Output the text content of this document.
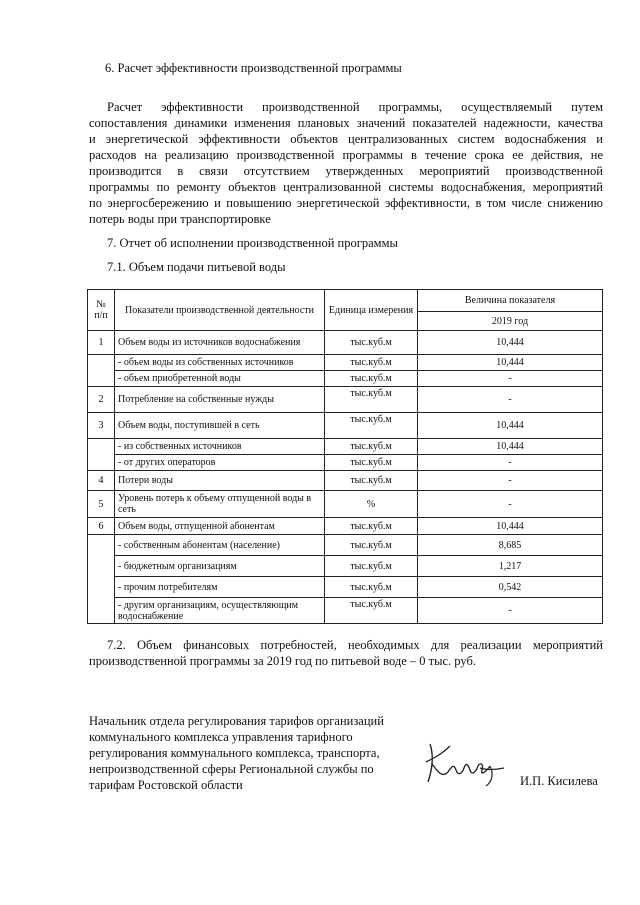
6. Расчет эффективности производственной программы
Расчет эффективности производственной программы, осуществляемый путем
сопоставления динамики изменения плановых значений показателей надежности, качества
и энергетической эффективности объектов централизованных систем водоснабжения и
расходов на реализацию производственной программы в течение срока ее действия, не
производится в связи отсутствием утвержденных мероприятий производственной
программы по ремонту объектов централизованной системы водоснабжения, мероприятий
по энергосбережению и повышению энергетической эффективности, в том числе снижению
потерь воды при транспортировке
7. Отчет об исполнении производственной программы
7.1. Объем подачи питьевой воды
№ п/п	Показатели производственной деятельности	Единица измерения	Величина показателя
			2019 год
1	Объем воды из источников водоснабжения	тыс.куб.м	10,444
	- объем воды из собственных источников	тыс.куб.м	10,444
	- объем приобретенной воды	тыс.куб.м	-
2	Потребление на собственные нужды	тыс.куб.м	-
3	Объем воды, поступившей в сеть	тыс.куб.м	10,444
	- из собственных источников	тыс.куб.м	10,444
	- от других операторов	тыс.куб.м	-
4	Потери воды	тыс.куб.м	-
5	Уровень потерь к объему отпущенной воды в сеть	%	-
6	Объем воды, отпущенной абонентам	тыс.куб.м	10,444
	- собственным абонентам (население)	тыс.куб.м	8,685
	- бюджетным организациям	тыс.куб.м	1,217
	- прочим потребителям	тыс.куб.м	0,542
	- другим организациям, осуществляющим водоснабжение	тыс.куб.м	-
7.2. Объем финансовых потребностей, необходимых для реализации мероприятий
производственной программы за 2019 год по питьевой воде – 0 тыс. руб.
Начальник отдела регулирования тарифов организаций
коммунального комплекса управления тарифного
регулирования коммунального комплекса, транспорта,
непроизводственной сферы Региональной службы по
тарифам Ростовской области	И.П. Кисилева
